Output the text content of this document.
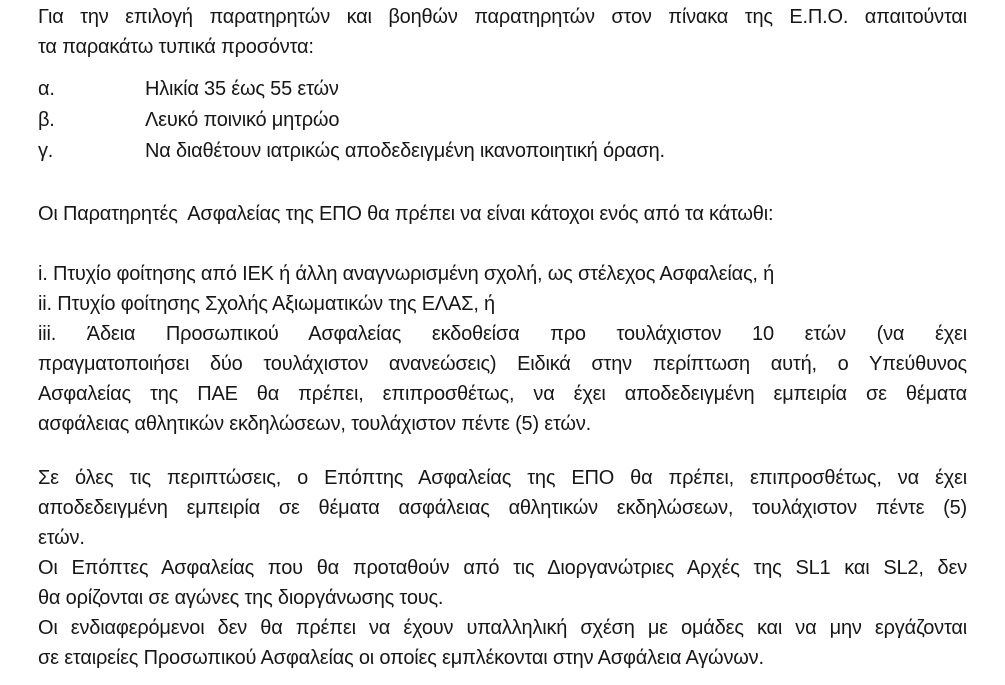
Για την επιλογή παρατηρητών και βοηθών παρατηρητών στον πίνακα της Ε.Π.Ο. απαιτούνται
τα παρακάτω τυπικά προσόντα:
α.	Ηλικία 35 έως 55 ετών
β.	Λευκό ποινικό μητρώο
γ.	Να διαθέτουν ιατρικώς αποδεδειγμένη ικανοποιητική όραση.
Οι Παρατηρητές  Ασφαλείας της ΕΠΟ θα πρέπει να είναι κάτοχοι ενός από τα κάτωθι:
i. Πτυχίο φοίτησης από ΙΕΚ ή άλλη αναγνωρισμένη σχολή, ως στέλεχος Ασφαλείας, ή
ii. Πτυχίο φοίτησης Σχολής Αξιωματικών της ΕΛΑΣ, ή
iii. Άδεια Προσωπικού Ασφαλείας εκδοθείσα προ τουλάχιστον 10 ετών (να έχει
πραγματοποιήσει δύο τουλάχιστον ανανεώσεις) Ειδικά στην περίπτωση αυτή, ο Υπεύθυνος
Ασφαλείας της ΠΑΕ θα πρέπει, επιπροσθέτως, να έχει αποδεδειγμένη εμπειρία σε θέματα
ασφάλειας αθλητικών εκδηλώσεων, τουλάχιστον πέντε (5) ετών.
Σε όλες τις περιπτώσεις, ο Επόπτης Ασφαλείας της ΕΠΟ θα πρέπει, επιπροσθέτως, να έχει
αποδεδειγμένη εμπειρία σε θέματα ασφάλειας αθλητικών εκδηλώσεων, τουλάχιστον πέντε (5)
ετών.
Οι Επόπτες Ασφαλείας που θα προταθούν από τις Διοργανώτριες Αρχές της SL1 και SL2, δεν
θα ορίζονται σε αγώνες της διοργάνωσης τους.
Οι ενδιαφερόμενοι δεν θα πρέπει να έχουν υπαλληλική σχέση με ομάδες και να μην εργάζονται
σε εταιρείες Προσωπικού Ασφαλείας οι οποίες εμπλέκονται στην Ασφάλεια Αγώνων.
